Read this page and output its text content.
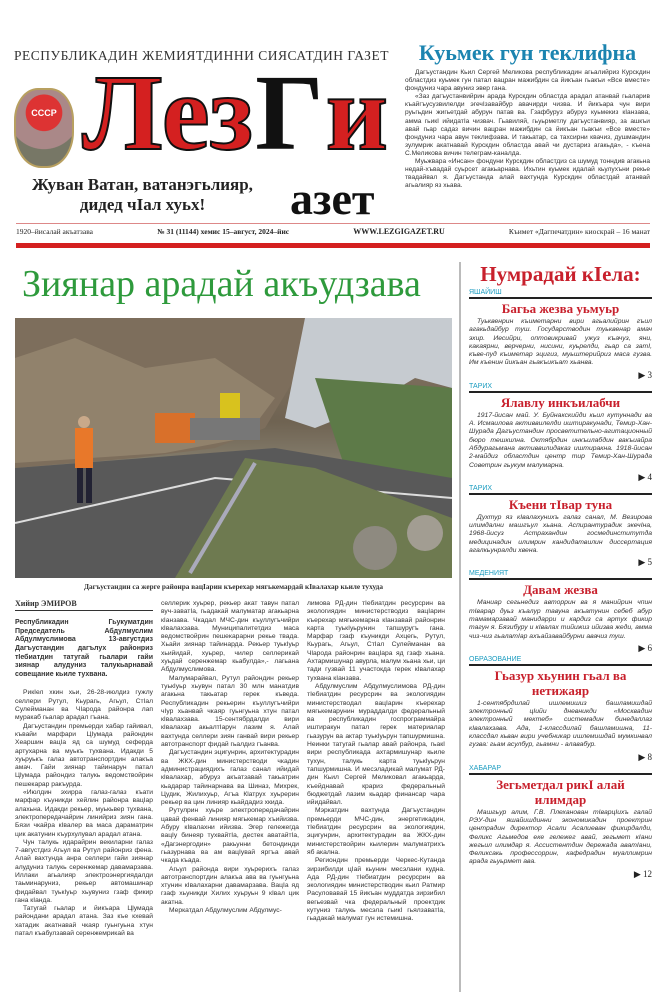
РЕСПУБЛИКАДИН ЖЕМИЯТДИННИ СИЯСАТДИН ГАЗЕТ
СССР Лез Г и
азет
Жуван Ватан, ватанэгьлияр, дидед чIал хуьх!
Куьмек гун теклифна

Дагъустандин Кьил Сергей Меликова республикадин агьалийриз Курскдин областдиз куьмек гун патал вацран мажибдин са йикъан гьакъи «Все вместе» фондуниз чара авуниз эвер гана.

«Заз дагъустанвийрин арада Курскдин областда арадал атанвай гьаларив къайгъусузвилелди эгечIзавайбур авачирди чизва. И йикъара чун вири руьгьдин жигьетдай абурун патав ва. Гзафбуруз абуруз куьмекиз кIанзава, амма гьикI ийидатIа чизвач. Гьавиляй, гьуьрметлу дагъустанвияр, за ашкъи авай гьар садаз вичин вацран мажибдин са йикъан гьакъи «Все вместе» фондуниз чара авун теклифзава. И такьатар, са тахсирни квачиз, душмандин зулумрик акатнавай Курскдин областда авай чи дустариз агакьда», - къена С.Меликова вичин телеграм-каналда.

Муьжвара «Инсан» фондуни Курскдин областдиз са шумуд тонндив агакьна недай-хъвадай суьрсет агакьарнава. Ихьтин куьмек идалай кьулухъни рекье твадайвал я. Дагъустанда алай вахтунда Курскдин областдай атанвай агьалияр яз хьава.

1920–йисалай акъатзава	№ 31 (11144) хемис 15–август, 2024–йис	WWW.LEZGIGAZET.RU	Къимет «Дагпечатдин» киоскрай – 16 манат
Зиянар арадай акъудзава
Дагъустандин са жерге районра вацIарин къерехар мягькемардай кIвалахар кьиле тухуда
Хийир ЭМИРОВ

Республикадин Гьукуматдин Председатель Абдулмуслим Абдулмуслимова 13-августдиз Дагъустандин дагълух районриз тIебиатдин татугай гьалари гайи зиянар алудуниз талукьарнавай совещание кьиле тухвана.

РикIел хкин хьи, 26-28-июлдиз гужлу селлери Рутул, Кьурагь, Агьул, СтIал Сулейманан ва ЧIарода районра лап муракаб гьалар арадал гъана.

Дагъустандин премьерди хабар гайивал, къвайи марфари ЦIумада райондин Хеаршин вацIа яд са шумуд сеферда артухарна ва муькъ тухвана. Идакди 5 хуьруькъ галаз автотранспортдин алакъа амач. Гайи зиянар тайинарун патал Цlумада райондиз талукь ведомствойрин пешекарар ракъурда.

«Июлдин эхирра галаз-галаз къати марфар къуникди хейлин районра вацIар алахьна. Идакди рекьер, муькьвер тухвана, электропередачайрин линийриз зиян гана. Бязи чкайра кIвалер ва маса дараматрин цик акатунин къурхулувал арадал атана.

Чун талукь идарайрин векиларни галаз 7-августдиз Агьул ва Рутул районриз фена. Алай вахтунда анра селлери гайи зиянар алудуниз талукь серенжемар давамарзава. Иллаки агьалияр электроэнергиядалди таьминаруниз, рекьер автомашинар фидайвал туькIуьр хьувуниз гзаф фикир гана кIанда.

Татугай гьалар и йикъара Цlумада райондани арадал атана. Заз къе кхевай хатадик акатнавай чкаяр гуьнгуьна хтун патал къабулзавай серенжемрикай ва

селлерик хуьрер, рекьер акат тавун патал вуч-заватIа, гьадакай малуматар агакьарна кIанзава. Чкадал МЧС-дин къуллугъчийри кIвалахзава. Муниципалитетдиз маса ведомствойрин пешекарарни рекье твада. Хьайи зиянар тайинарда. Рекьер туькIуьр хьийидай, хуьрер, чилер селлерикай хуьдай серенжемар кьабулда»,- лагьана Абдулмуслимова.

Малумарайвал, Рутул райондин рекьер туькIуьр хьувун патал 30 млн манатдив агакьна такьатар герек къведа. Республикадин рекьерин къуллугъчийри чIур хьанвай чкаяр гуьнгуьна хтун патал кIвалахзава. 15-сентябрдалди вири кIвалахар акьалтIарун лазим я. Алай вахтунда селлери зиян ганвай вири рекьер автотранспорт фидай гьалдиз гъанва.

Дагъустандин эцигунрин, архитектурадин ва ЖКХ-дин министерстводи чкадин администрациядихъ галаз санал ийидай кIвалахар, абуруз акъатзавай такьатрин кьадарар тайинарнава ва Шиназ, Михрек, Цудик, Жилихуьр, Агъа Кlатрух хуьрерин рекьер ва цин линияр кьайдадиз хкида.

Рутулрин хуьре электропередачайрин цавай фенвай линияр мягькемар хъийизва. Абуру кIвалахни ийизва. Эгер гележегда вацIу бинеяр тухвайтIа, дестек аватайтIа, «Дагэнергодин» ракьунни бетондинди гьазурнава ва ам вацIувай яргъа авай чкада къада.

Агьул районда вири хуьрерихъ галаз автотранспортдин алакъа ава ва гуьнгуьна хтунин кIвалахарни давамарзава. ВацIа яд гзаф хьуникди Хилих хуьруьн 9 кIвал цик акатна.

Меркатдал Абдулмуслим Абдулмус-

лимова РД-дин тIебиатдин ресурсрин ва экологиядин министерстводиз вацIарин къерехар мягькемарна кIанзавай районрин карта туькIуьрунин тапшуругъ гана. Марфар гзаф къуникди Ахцегь, Рутул, Кьурагь, Агьул, СтIал Сулейманан ва Чlарода районрин вацIара яд гзаф хьана. Ахтармишунар авурла, малум хьана хьи, ци тади гузвай 11 участокда герек кIвалахар тухвана кIанзава.

Абдулмуслим Абдулмуслимова РД-дин тIебиатдин ресурсрин ва экологиядин министерстводал вацIарин къерехар мягькемарунин мураддалди федеральный ва республикадин госпрограммайра иштиракун патал герек материалар гьазурун ва актар туькIуьрун тапшурмишна. Неинки татугай гьалар авай районра, гьакI вири республикада ахтармишунар кьиле тухун, талукь карта туькIуьрун тапшурмишна. И месэладикай малумат РД-дин Кьил Сергей Меликовал агакьарда, къейднавай крариз федеральный бюджетдай лазим кьадар финансар чара ийидайвал.

Мэркатдин вахтунда Дагъустандин премьерди МЧС-дин, энергетикадин, тIебиатдин ресурсрин ва экологиядин, эцигунрин, архитектурадин ва ЖКХ-дин министерствойрин кьилерин малуматрихъ яб акална.

Региондин премьерди Черкес-Кутанда зирзибилди цIай кьунин месэлани кудна. Ада РД-дин тIебиатдин ресурсрин ва экологиядин министерстводин кьил Ратмир Расуловавай 15 йикъан муддатда зирзибил вегьезвай чка федеральный проектдик кутуниз талукь месэла гьикI гьялзаватIа, гьадакай малумат гун истемишна.

Нумрадай кIела:
ЯШАЙИШ
Багьа жезва уьмуьр
Туьквенрин къиметарни вири агьалийрин гъил агакьдайбур туш. Государстводин туьквенар амач эхир. Иесийри, оптовикривай ужуз къачуз, яни, какаярни, верчерни, нисини, куьрелди, гьар са затI, къве-пуд къиметар эцигиз, муьштерийриз маса гузва. Им къенин йикъан гьакъикъат хьанва.
▶︎ 3
ТАРИХ
Ялавлу инкъилабчи
1917-йисан май. У. Буйнакскийди кьил кутуннади ва А. Исмаилова активвилелди иштиракунади, Темир-Хан-Шурада Дагъустандин просветительно-агитационный бюро тешкилна. Октябрдин инкъилабдин вакъиайра Абдурагьмана активвилидаказ иштиракна. 1918-йисан 2-майдиз областдин центр тир Темир-Хан-Шурада Советрин гьукум малумарна.
▶︎ 4
ТАРИХ
Къени тIвар туна
Духтур яз кIвалахунихъ галаз санал, М. Везирова илимдални машгъул хьана. Аспирантурадик экечIна, 1968-йисуз Астрахандин госмединститутда медицинадин илимрин кандидатвилин диссертация агалкьунралди хвена.
▶︎ 5
МЕДЕНИЯТ
Давам жезва
Маниар сегьнедиз авторрин ва я манийрин чпин тIварар дуьз къалур тавуна акъатунин себеб абур тамамарзавай манидарри и кардиз са артух фикир тагун я. Бязибуру и кIвалах тийижиз ийизва жеди, амма чиз-чиз гьалатIар ахъайзавайбурни авачиз туш.
▶︎ 6
ОБРАЗОВАНИЕ
Гьазур хьунин гьал ва нетижаяр
1-сентябрдилай ишлемишиз башламишдай электронный цIийи дневникди «Москвадин электронный мектеб» системадин бинедаллаз кIвалахзава. Ада, 1-классдилай башламишна, 11-классдал кьван вири учебникар ишлемишдай мумкинвал гузва: гьам асулбур, гьамни - алавабур.
▶︎ 8
ХАБАРАР
Зегьметдал рикI алай илимдар
Машгьур алим, Г.В. Плеханован тIварцIихъ галай РЭУ-дин яшайишдинни экономикадин проектрин центрадин директор Асали Асалиеван фикирдалди, Феликс Агьмедов еке гележег авай, зегьмет кIани жегьил илимдар я. Ассистентдин дережада аватIани, Феликсакь профессоррин, кафедрадин муаллимрин арада гьуьрмет ава.
▶︎ 12
